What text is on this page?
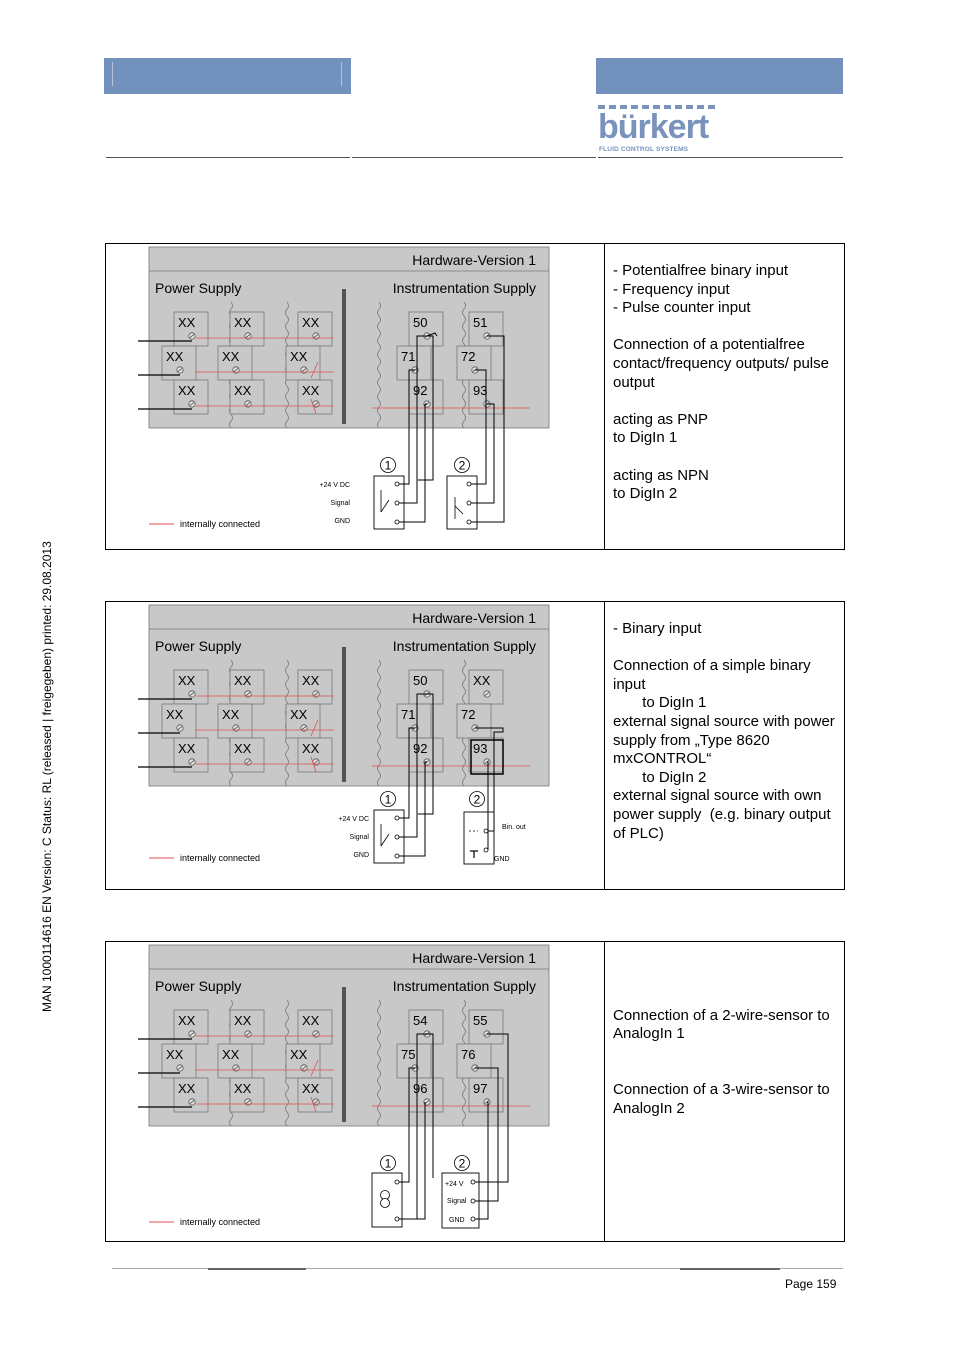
bürkert
FLUID CONTROL SYSTEMS
MAN 1000114616 EN Version: C Status: RL (released | freigegeben) printed: 29.08.2013
Hardware-Version 1
Power Supply	Instrumentation Supply
XX	XX	XX
XX	XX	XX
XX	XX	XX
50	51
71	72
92	93
1	2
+24 V DC
Signal
GND
internally connected

- Potentialfree binary input

- Frequency input

- Pulse counter input

Connection of a potentialfree contact/frequency outputs/ pulse output

acting as PNP

to DigIn 1

acting as NPN

to DigIn 2

Hardware-Version 1
Power Supply	Instrumentation Supply
XX	XX	XX
XX	XX	XX
XX	XX	XX
50	XX
71	72
92	93
1	2
+24 V DC
Signal
GND
Bin. out
GND
internally connected

- Binary input

Connection of a simple binary input

to DigIn 1

external signal source with power supply from „Type 8620 mxCONTROL“

to DigIn 2

external signal source with own power supply  (e.g. binary output of PLC)

Hardware-Version 1
Power Supply	Instrumentation Supply
XX	XX	XX
XX	XX	XX
XX	XX	XX
54	55
75	76
96	97
1	2
+24 V
Signal
GND
internally connected

Connection of a 2-wire-sensor to AnalogIn 1

Connection of a 3-wire-sensor to AnalogIn 2

Page 159
